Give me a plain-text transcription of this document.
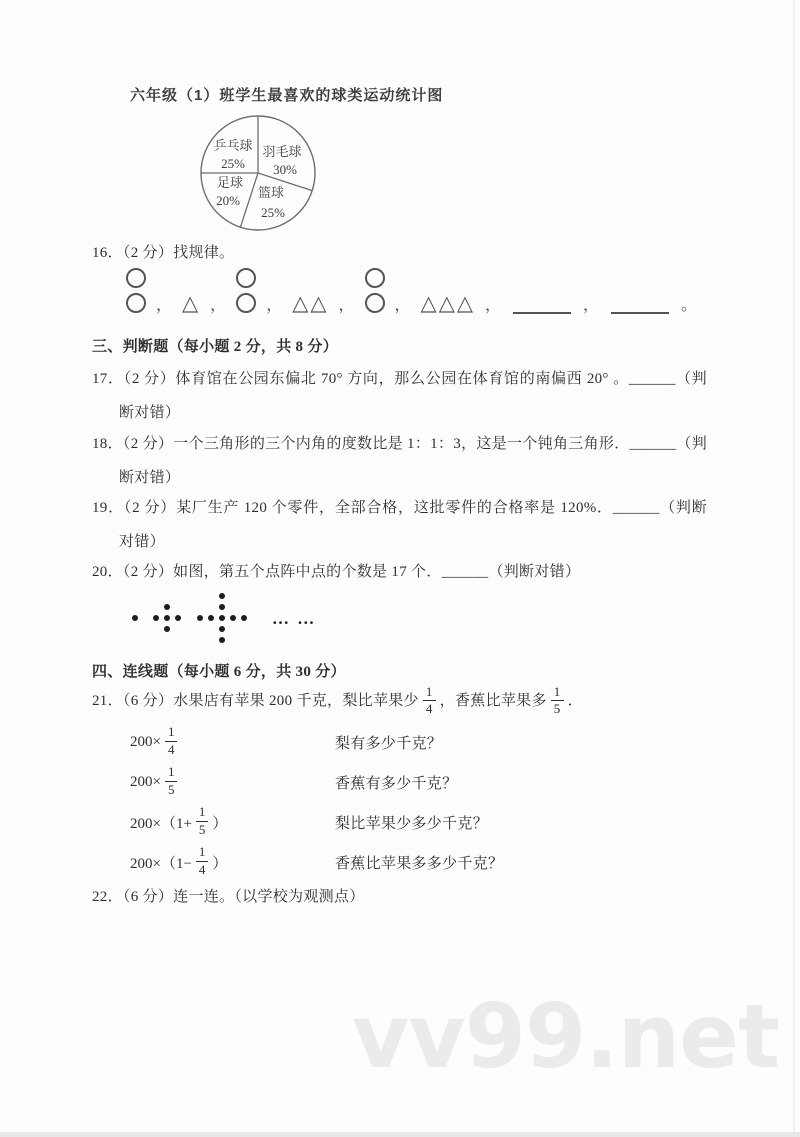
六年级（1）班学生最喜欢的球类运动统计图
乒乓球
25%
羽毛球
30%
足球
20%
篮球
25%
16．（2 分）找规律。
， △ ，	， △△ ，	， △△△ ，	，	。
三、判断题（每小题 2 分，共 8 分）
17．（2 分）体育馆在公园东偏北 70° 方向，那么公园在体育馆的南偏西 20° 。______（判
断对错）
18．（2 分）一个三角形的三个内角的度数比是 1：1：3，这是一个钝角三角形．______（判
断对错）
19．（2 分）某厂生产 120 个零件，全部合格，这批零件的合格率是 120%．______（判断
对错）
20．（2 分）如图，第五个点阵中点的个数是 17 个．______（判断对错）
… …
四、连线题（每小题 6 分，共 30 分）
21．（6 分）水果店有苹果 200 千克，梨比苹果少 $\frac{1}{4}$ ，香蕉比苹果多 $\frac{1}{5}$ ．
$200\times \frac{1}{4}$	梨有多少千克？
$200\times \frac{1}{5}$	香蕉有多少千克？
$200\times(1+ \frac{1}{5}$ ）	梨比苹果少多少千克？
$200\times(1- \frac{1}{4}$ ）	香蕉比苹果多多少千克？
22．（6 分）连一连。（以学校为观测点）
vv99.net
